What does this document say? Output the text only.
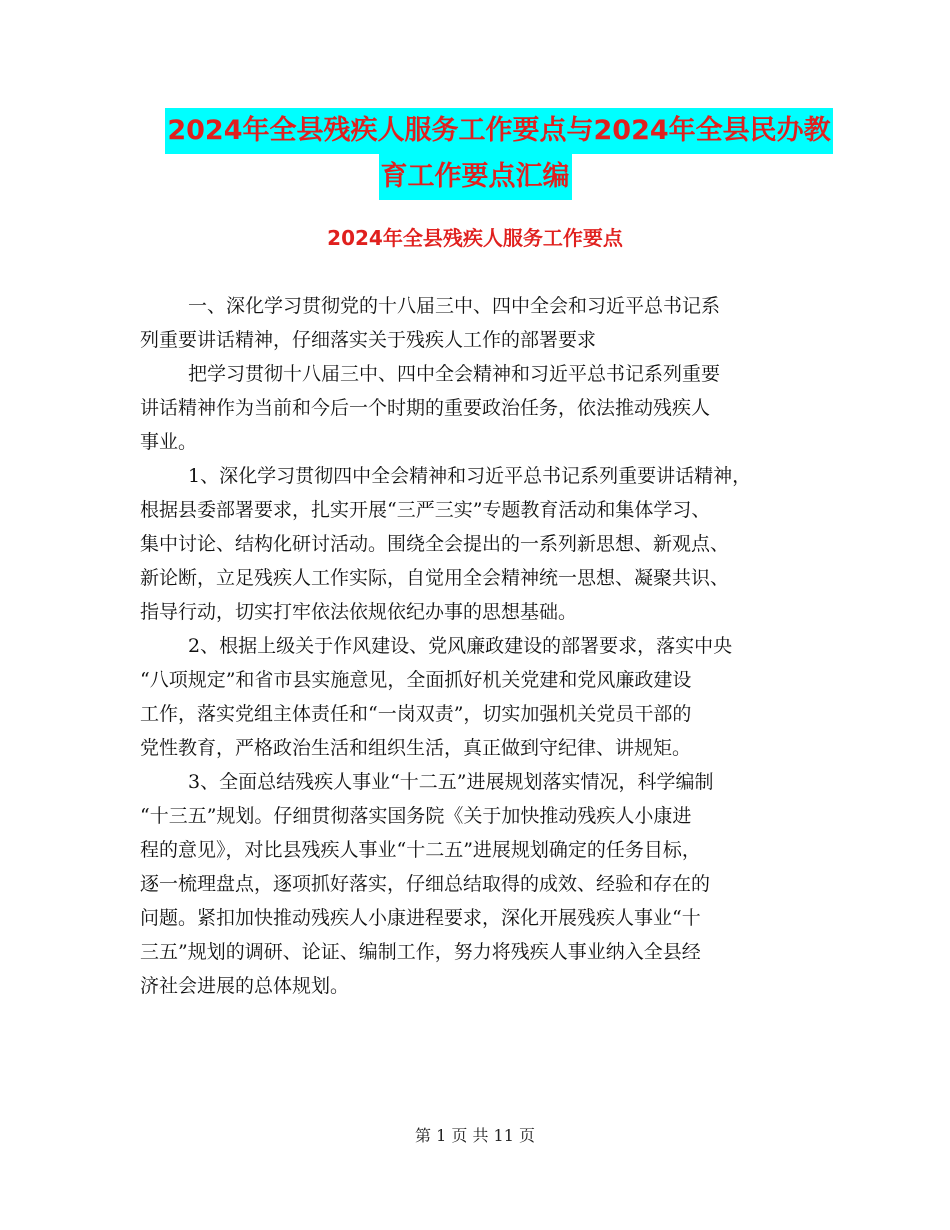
2024年全县残疾人服务工作要点与2024年全县民办教
育工作要点汇编
2024年全县残疾人服务工作要点

一、深化学习贯彻党的十八届三中、四中全会和习近平总书记系
列重要讲话精神，仔细落实关于残疾人工作的部署要求

把学习贯彻十八届三中、四中全会精神和习近平总书记系列重要
讲话精神作为当前和今后一个时期的重要政治任务，依法推动残疾人
事业。

1、深化学习贯彻四中全会精神和习近平总书记系列重要讲话精神，
根据县委部署要求，扎实开展“三严三实”专题教育活动和集体学习、
集中讨论、结构化研讨活动。围绕全会提出的一系列新思想、新观点、
新论断，立足残疾人工作实际，自觉用全会精神统一思想、凝聚共识、
指导行动，切实打牢依法依规依纪办事的思想基础。

2、根据上级关于作风建设、党风廉政建设的部署要求，落实中央
“八项规定”和省市县实施意见，全面抓好机关党建和党风廉政建设
工作，落实党组主体责任和“一岗双责”，切实加强机关党员干部的
党性教育，严格政治生活和组织生活，真正做到守纪律、讲规矩。

3、全面总结残疾人事业“十二五”进展规划落实情况，科学编制
“十三五”规划。仔细贯彻落实国务院《关于加快推动残疾人小康进
程的意见》，对比县残疾人事业“十二五”进展规划确定的任务目标，
逐一梳理盘点，逐项抓好落实，仔细总结取得的成效、经验和存在的
问题。紧扣加快推动残疾人小康进程要求，深化开展残疾人事业“十
三五”规划的调研、论证、编制工作，努力将残疾人事业纳入全县经
济社会进展的总体规划。

第 1 页 共 11 页
